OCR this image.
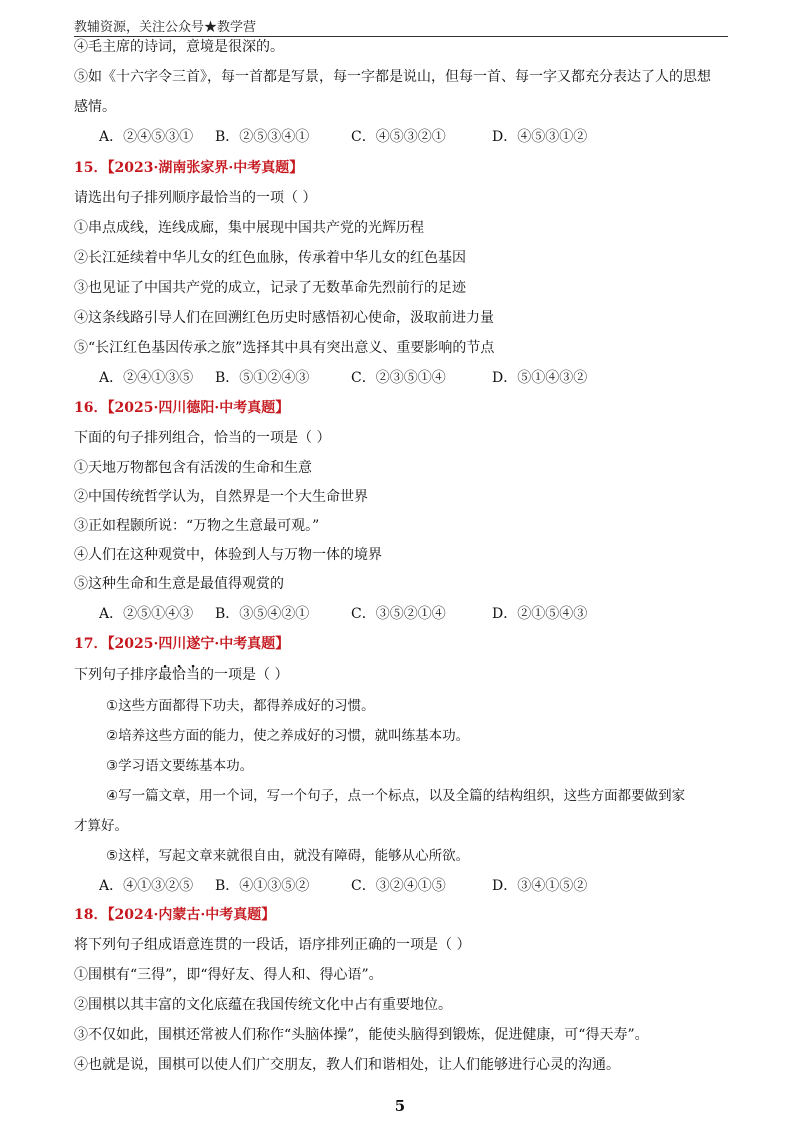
教辅资源，关注公众号★教学营
④毛主席的诗词，意境是很深的。
⑤如《十六字令三首》，每一首都是写景，每一字都是说山，但每一首、每一字又都充分表达了人的思想
感情。
A．②④⑤③① B．②⑤③④①	C．④⑤③②①	D．④⑤③①②
15．【2023·湖南张家界·中考真题】
请选出句子排列顺序最恰当的一项（ ）
①串点成线，连线成廊，集中展现中国共产党的光辉历程
②长江延续着中华儿女的红色血脉，传承着中华儿女的红色基因
③也见证了中国共产党的成立，记录了无数革命先烈前行的足迹
④这条线路引导人们在回溯红色历史时感悟初心使命，汲取前进力量
⑤“长江红色基因传承之旅”选择其中具有突出意义、重要影响的节点
A．②④①③⑤ B．⑤①②④③	C．②③⑤①④	D．⑤①④③②
16．【2025·四川德阳·中考真题】
下面的句子排列组合，恰当的一项是（ ）
①天地万物都包含有活泼的生命和生意
②中国传统哲学认为，自然界是一个大生命世界
③正如程颢所说：“万物之生意最可观。”
④人们在这种观赏中，体验到人与万物一体的境界
⑤这种生命和生意是最值得观赏的
A．②⑤①④③ B．③⑤④②①	C．③⑤②①④	D．②①⑤④③
17．【2025·四川遂宁·中考真题】
下列句子排序最恰当的一项是（ ）
①这些方面都得下功夫，都得养成好的习惯。
②培养这些方面的能力，使之养成好的习惯，就叫练基本功。
③学习语文要练基本功。
④写一篇文章，用一个词，写一个句子，点一个标点，以及全篇的结构组织，这些方面都要做到家
才算好。
⑤这样，写起文章来就很自由，就没有障碍，能够从心所欲。
A．④①③②⑤ B．④①③⑤②	C．③②④①⑤	D．③④①⑤②
18．【2024·内蒙古·中考真题】
将下列句子组成语意连贯的一段话，语序排列正确的一项是（ ）
①围棋有“三得”，即“得好友、得人和、得心语”。
②围棋以其丰富的文化底蕴在我国传统文化中占有重要地位。
③不仅如此，围棋还常被人们称作“头脑体操”，能使头脑得到锻炼，促进健康，可“得天寿”。
④也就是说，围棋可以使人们广交朋友，教人们和谐相处，让人们能够进行心灵的沟通。
5
